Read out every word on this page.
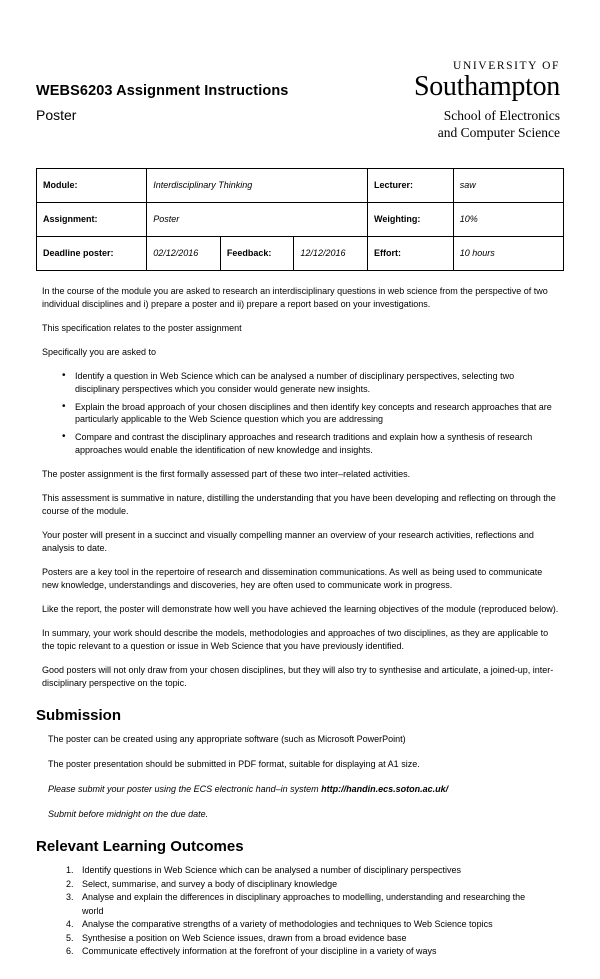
WEBS6203 Assignment Instructions
Poster
UNIVERSITY OF
Southampton
School of Electronics
and Computer Science
Module:	Interdisciplinary Thinking			Lecturer:	saw
Assignment:	Poster			Weighting:	10%
Deadline poster:	02/12/2016	Feedback:	12/12/2016	Effort:	10 hours

In the course of the module you are asked to research an interdisciplinary questions in web science from the perspective of two individual disciplines and i) prepare a poster and ii) prepare a report based on your investigations.

This specification relates to the poster assignment

Specifically you are asked to

• Identify a question in Web Science which can be analysed a number of disciplinary perspectives, selecting two disciplinary perspectives which you consider would generate new insights.
• Explain the broad approach of your chosen disciplines and then identify key concepts and research approaches that are particularly applicable to the Web Science question which you are addressing
• Compare and contrast the disciplinary approaches and research traditions and explain how a synthesis of research approaches would enable the identification of new knowledge and insights.

The poster assignment is the first formally assessed part of these two inter–related activities.

This assessment is summative in nature, distilling the understanding that you have been developing and reflecting on through the course of the module.

Your poster will present in a succinct and visually compelling manner an overview of your research activities, reflections and analysis to date.

Posters are a key tool in the repertoire of research and dissemination communications. As well as being used to communicate new knowledge, understandings and discoveries, hey are often used to communicate work in progress.

Like the report, the poster will demonstrate how well you have achieved the learning objectives of the module (reproduced below).

In summary, your work should describe the models, methodologies and approaches of two disciplines, as they are applicable to the topic relevant to a question or issue in Web Science that you have previously identified.

Good posters will not only draw from your chosen disciplines, but they will also try to synthesise and articulate, a joined-up, inter-disciplinary perspective on the topic.

Submission

The poster can be created using any appropriate software (such as Microsoft PowerPoint)

The poster presentation should be submitted in PDF format, suitable for displaying at A1 size.

Please submit your poster using the ECS electronic hand–in system http://handin.ecs.soton.ac.uk/

Submit before midnight on the due date.

Relevant Learning Outcomes
1. Identify questions in Web Science which can be analysed a number of disciplinary perspectives
2. Select, summarise, and survey a body of disciplinary knowledge
3. Analyse and explain the differences in disciplinary approaches to modelling, understanding and researching the world
4. Analyse the comparative strengths of a variety of methodologies and techniques to Web Science topics
5. Synthesise a position on Web Science issues, drawn from a broad evidence base
6. Communicate effectively information at the forefront of your discipline in a variety of ways
